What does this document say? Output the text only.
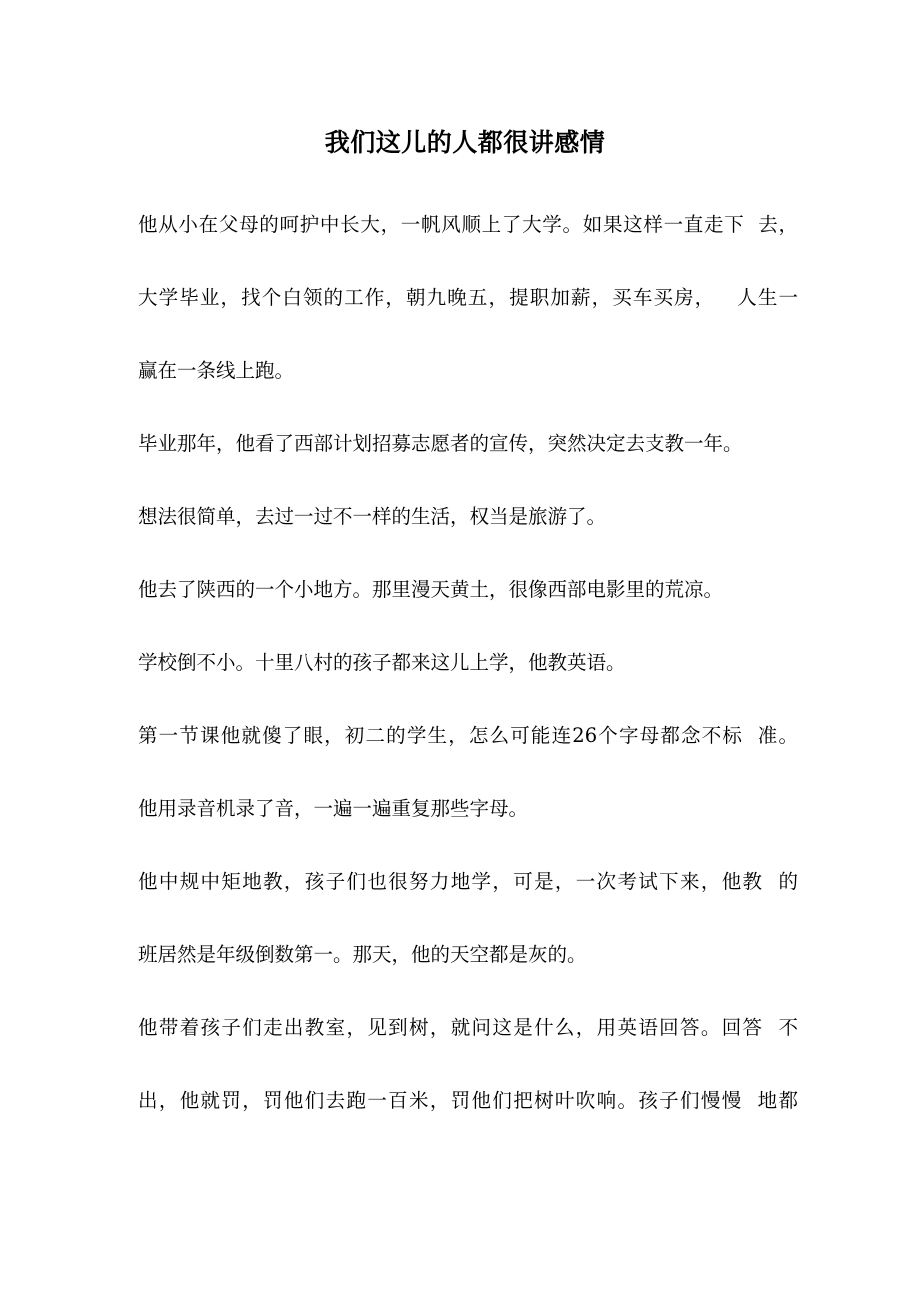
我们这儿的人都很讲感情
他从小在父母的呵护中长大，一帆风顺上了大学。如果这样一直走下  去，
大学毕业，找个白领的工作，朝九晚五，提职加薪，买车买房，   人生一
赢在一条线上跑。
毕业那年，他看了西部计划招募志愿者的宣传，突然决定去支教一年。
想法很简单，去过一过不一样的生活，权当是旅游了。
他去了陕西的一个小地方。那里漫天黄土，很像西部电影里的荒凉。
学校倒不小。十里八村的孩子都来这儿上学，他教英语。
第一节课他就傻了眼，初二的学生，怎么可能连26个字母都念不标  准。
他用录音机录了音，一遍一遍重复那些字母。
他中规中矩地教，孩子们也很努力地学，可是，一次考试下来，他教  的
班居然是年级倒数第一。那天，他的天空都是灰的。
他带着孩子们走出教室，见到树，就问这是什么，用英语回答。回答  不
出，他就罚，罚他们去跑一百米，罚他们把树叶吹响。孩子们慢慢  地都
